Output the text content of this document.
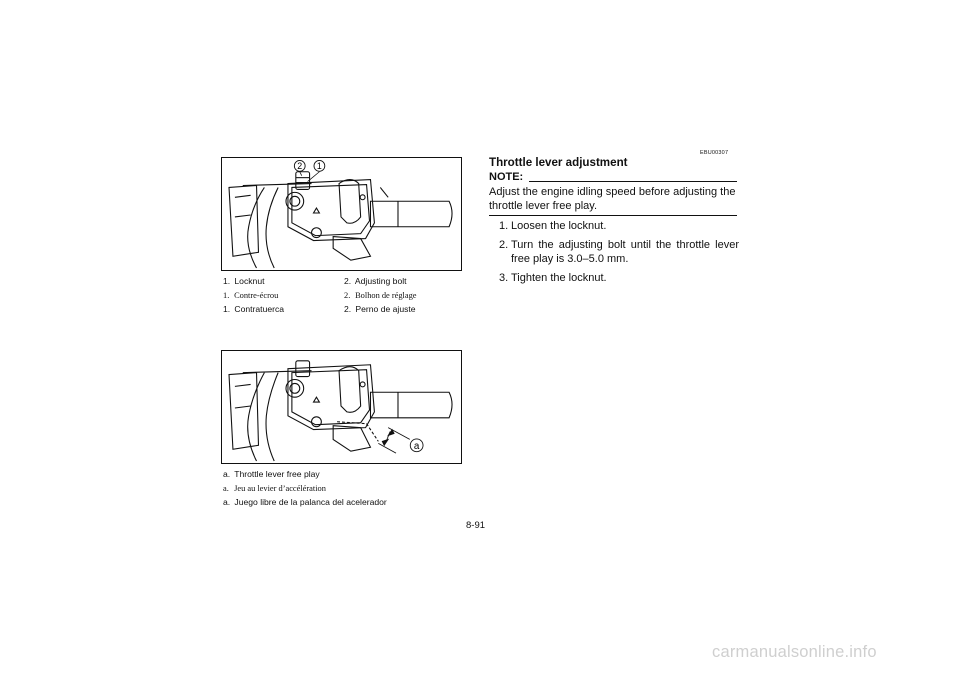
2 1
1. Locknut	2. Adjusting bolt
1. Contre-écrou	2. Bolhon de réglage
1. Contratuerca	2. Perno de ajuste
a
a. Throttle lever free play
a. Jeu au levier d’accélération
a. Juego libre de la palanca del acelerador
EBU00307
Throttle lever adjustment
NOTE:
Adjust the engine idling speed before adjusting the throttle lever free play.
1. Loosen the locknut.
2. Turn the adjusting bolt until the throttle lever free play is 3.0–5.0 mm.
3. Tighten the locknut.
8-91
carmanualsonline.info
